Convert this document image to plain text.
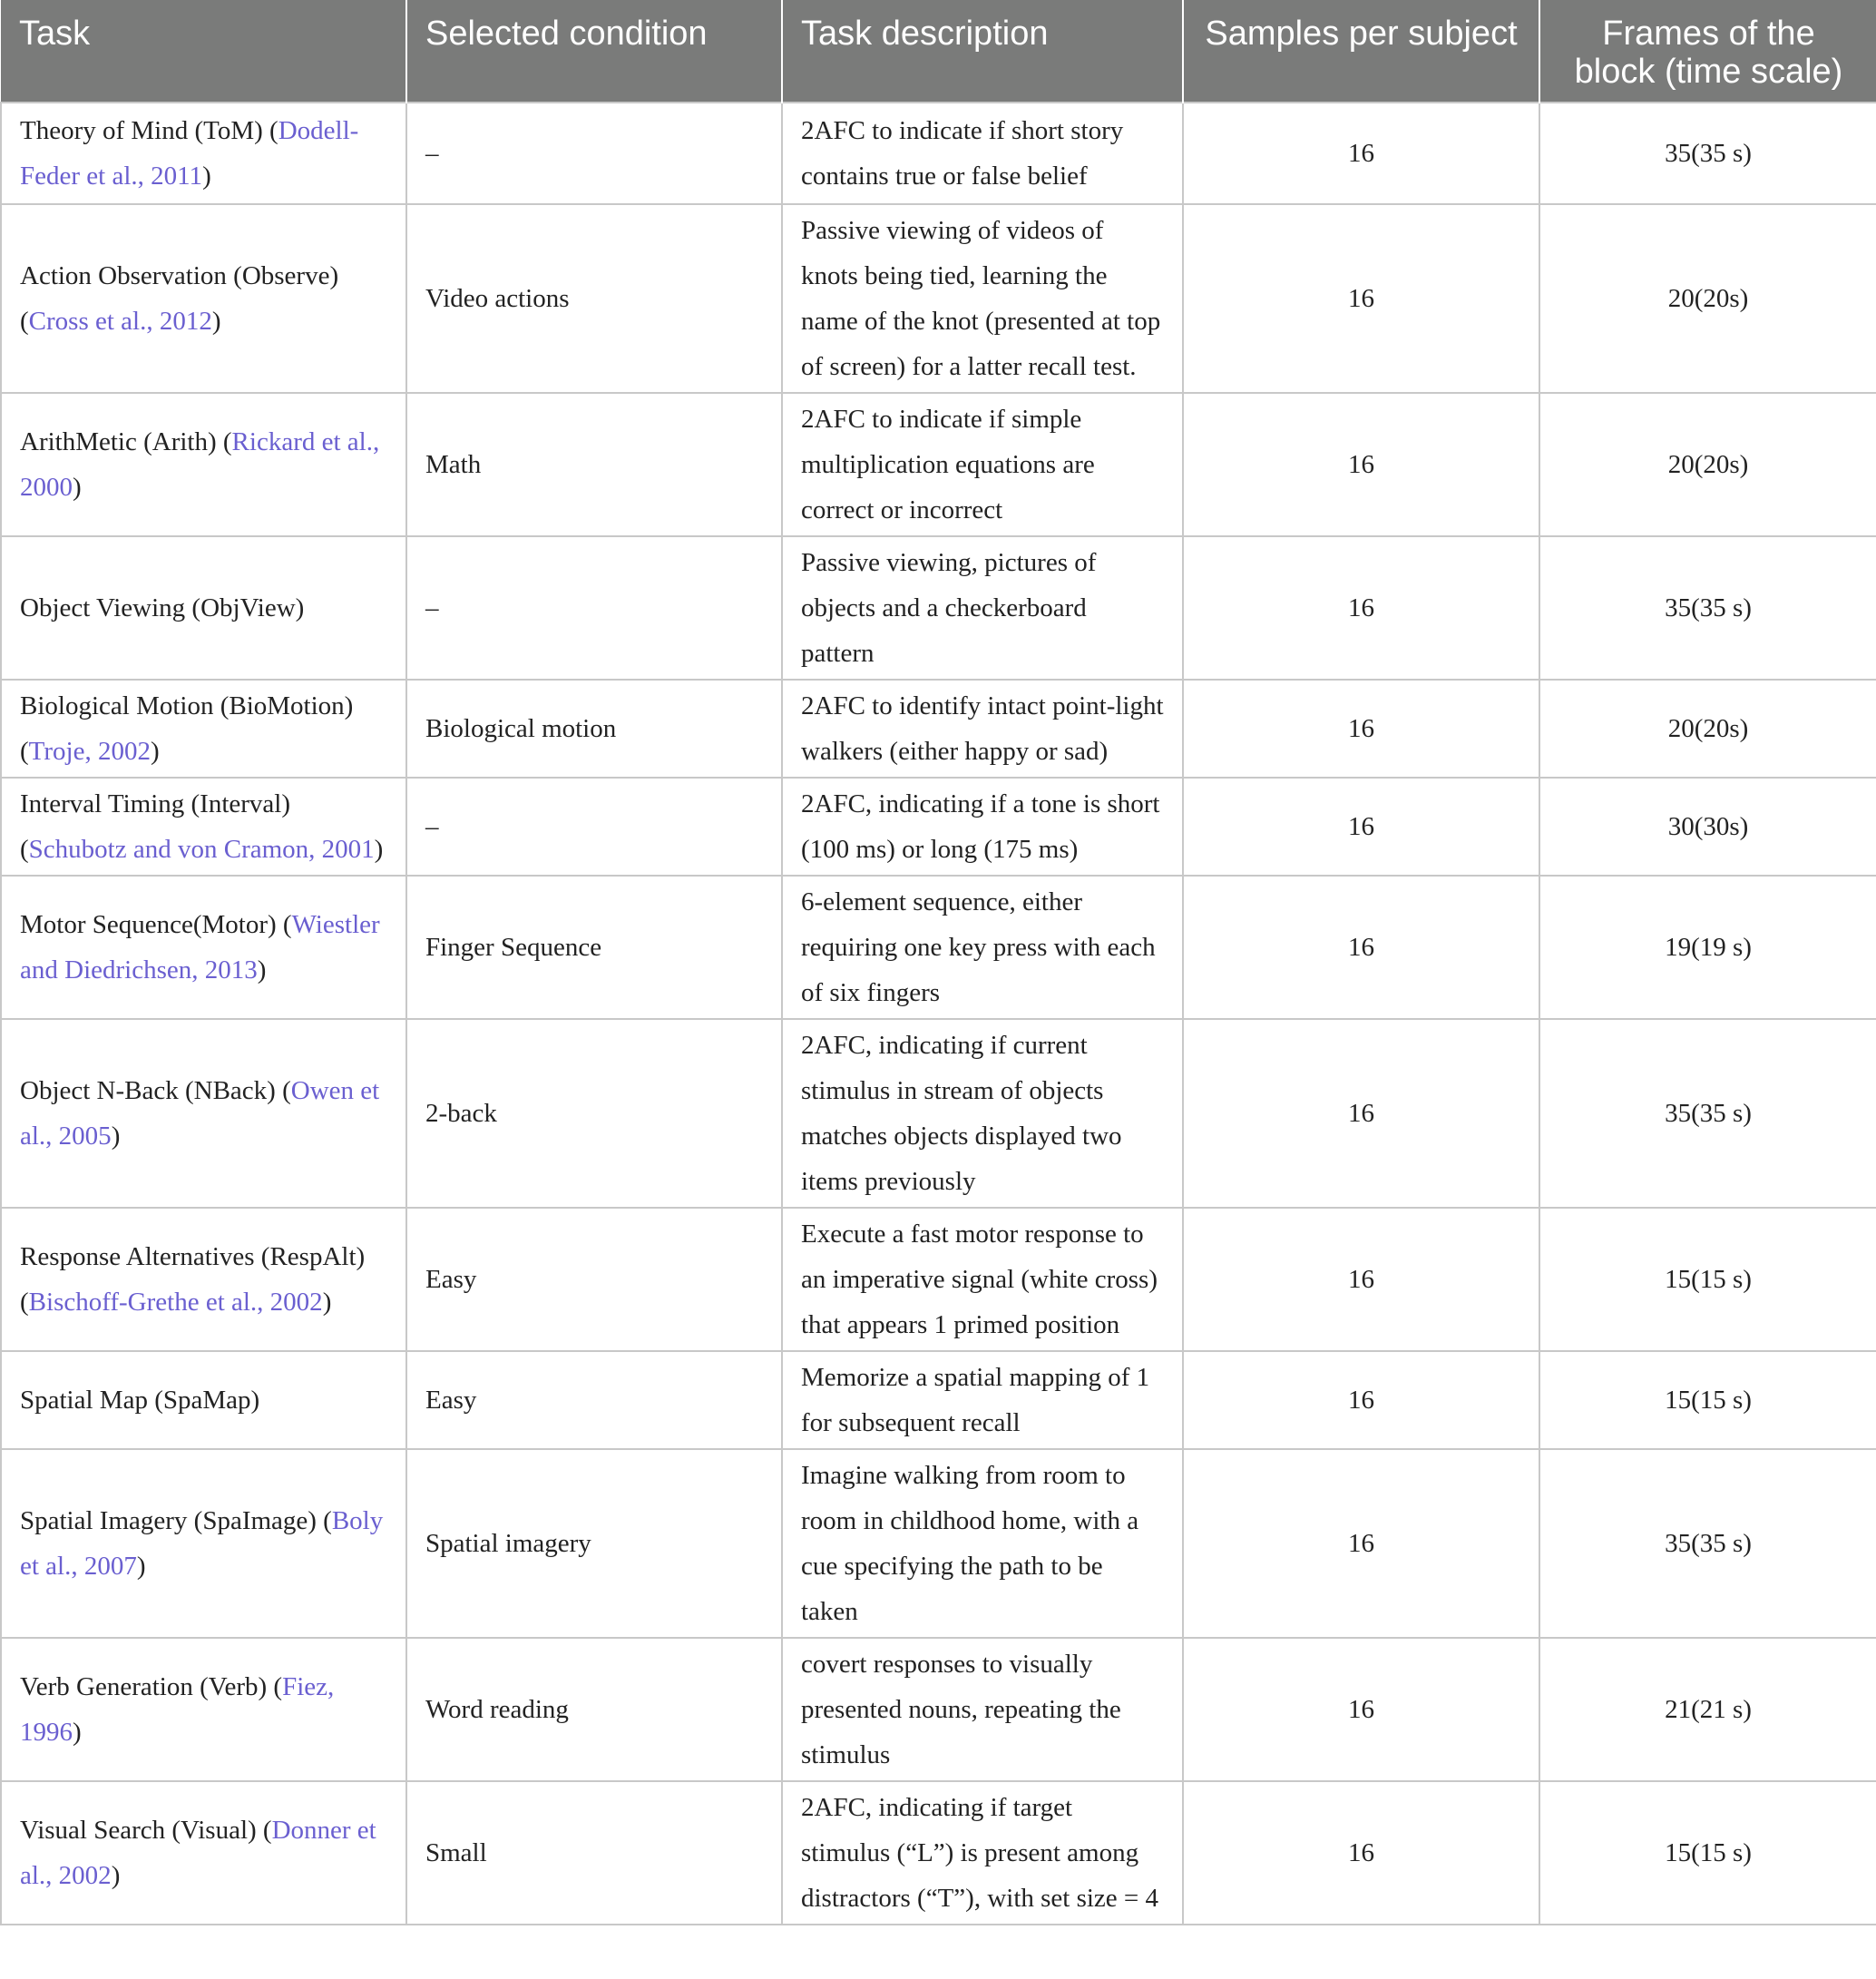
Task	Selected condition	Task description	Samples per subject	Frames of the block (time scale)
Theory of Mind (ToM) (Dodell-Feder et al., 2011)	–	2AFC to indicate if short story contains true or false belief	16	35(35 s)
Action Observation (Observe) (Cross et al., 2012)	Video actions	Passive viewing of videos of knots being tied, learning the name of the knot (presented at top of screen) for a latter recall test.	16	20(20s)
ArithMetic (Arith) (Rickard et al., 2000)	Math	2AFC to indicate if simple multiplication equations are correct or incorrect	16	20(20s)
Object Viewing (ObjView)	–	Passive viewing, pictures of objects and a checkerboard pattern	16	35(35 s)
Biological Motion (BioMotion) (Troje, 2002)	Biological motion	2AFC to identify intact point-light walkers (either happy or sad)	16	20(20s)
Interval Timing (Interval) (Schubotz and von Cramon, 2001)	–	2AFC, indicating if a tone is short (100 ms) or long (175 ms)	16	30(30s)
Motor Sequence(Motor) (Wiestler and Diedrichsen, 2013)	Finger Sequence	6-element sequence, either requiring one key press with each of six fingers	16	19(19 s)
Object N-Back (NBack) (Owen et al., 2005)	2-back	2AFC, indicating if current stimulus in stream of objects matches objects displayed two items previously	16	35(35 s)
Response Alternatives (RespAlt) (Bischoff-Grethe et al., 2002)	Easy	Execute a fast motor response to an imperative signal (white cross) that appears 1 primed position	16	15(15 s)
Spatial Map (SpaMap)	Easy	Memorize a spatial mapping of 1 for subsequent recall	16	15(15 s)
Spatial Imagery (SpaImage) (Boly et al., 2007)	Spatial imagery	Imagine walking from room to room in childhood home, with a cue specifying the path to be taken	16	35(35 s)
Verb Generation (Verb) (Fiez, 1996)	Word reading	covert responses to visually presented nouns, repeating the stimulus	16	21(21 s)
Visual Search (Visual) (Donner et al., 2002)	Small	2AFC, indicating if target stimulus (“L”) is present among distractors (“T”), with set size = 4	16	15(15 s)
